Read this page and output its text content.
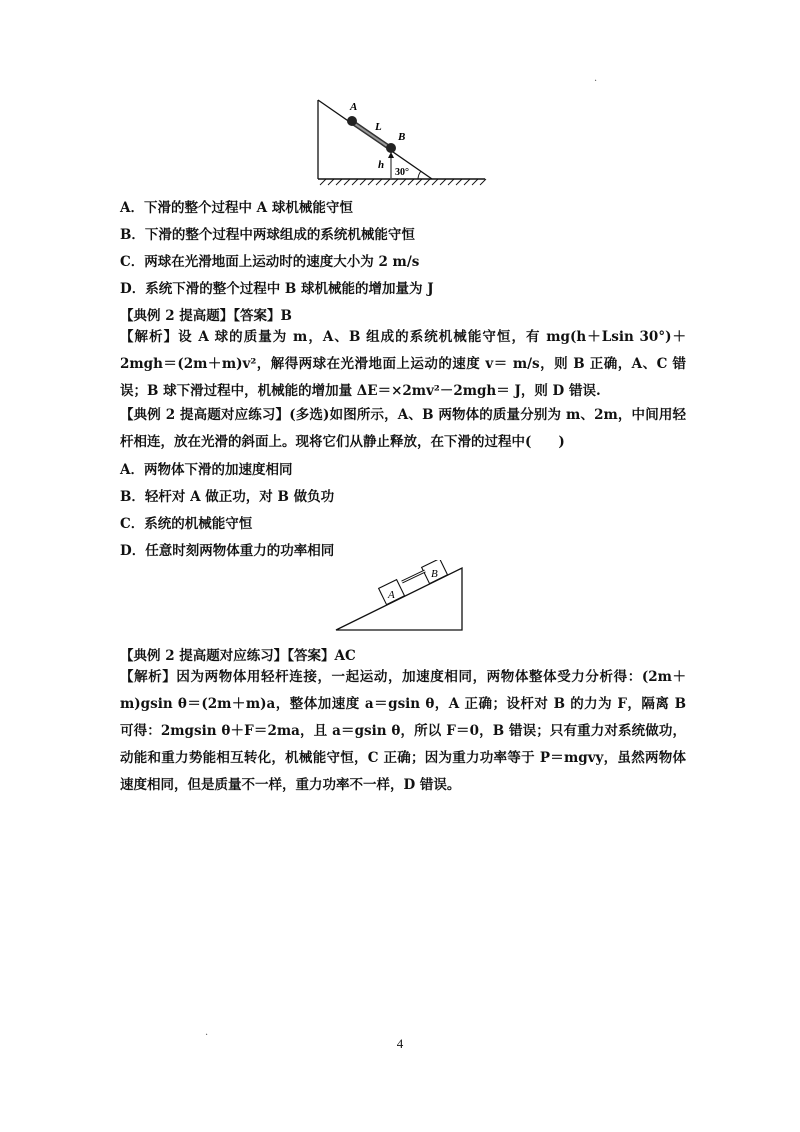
·
·
A
L
B
h
30°
A．下滑的整个过程中 A 球机械能守恒
B．下滑的整个过程中两球组成的系统机械能守恒
C．两球在光滑地面上运动时的速度大小为 2 m/s
D．系统下滑的整个过程中 B 球机械能的增加量为 J
【典例 2 提高题】【答案】B
【解析】设 A 球的质量为 m，A、B 组成的系统机械能守恒，有 mg(h＋Lsin 30°)＋2mgh＝(2m＋m)v²，解得两球在光滑地面上运动的速度 v＝ m/s，则 B 正确，A、C 错误；B 球下滑过程中，机械能的增加量 ΔE＝×2mv²－2mgh＝ J，则 D 错误.
【典例 2 提高题对应练习】(多选)如图所示，A、B 两物体的质量分别为 m、2m，中间用轻杆相连，放在光滑的斜面上。现将它们从静止释放，在下滑的过程中(　　)
A．两物体下滑的加速度相同
B．轻杆对 A 做正功，对 B 做负功
C．系统的机械能守恒
D．任意时刻两物体重力的功率相同
A
B
【典例 2 提高题对应练习】【答案】AC
【解析】因为两物体用轻杆连接，一起运动，加速度相同，两物体整体受力分析得：(2m＋m)gsin θ＝(2m＋m)a，整体加速度 a＝gsin θ，A 正确；设杆对 B 的力为 F，隔离 B 可得：2mgsin θ＋F＝2ma，且 a＝gsin θ，所以 F＝0，B 错误；只有重力对系统做功，动能和重力势能相互转化，机械能守恒，C 正确；因为重力功率等于 P＝mgvy，虽然两物体速度相同，但是质量不一样，重力功率不一样，D 错误。
4
